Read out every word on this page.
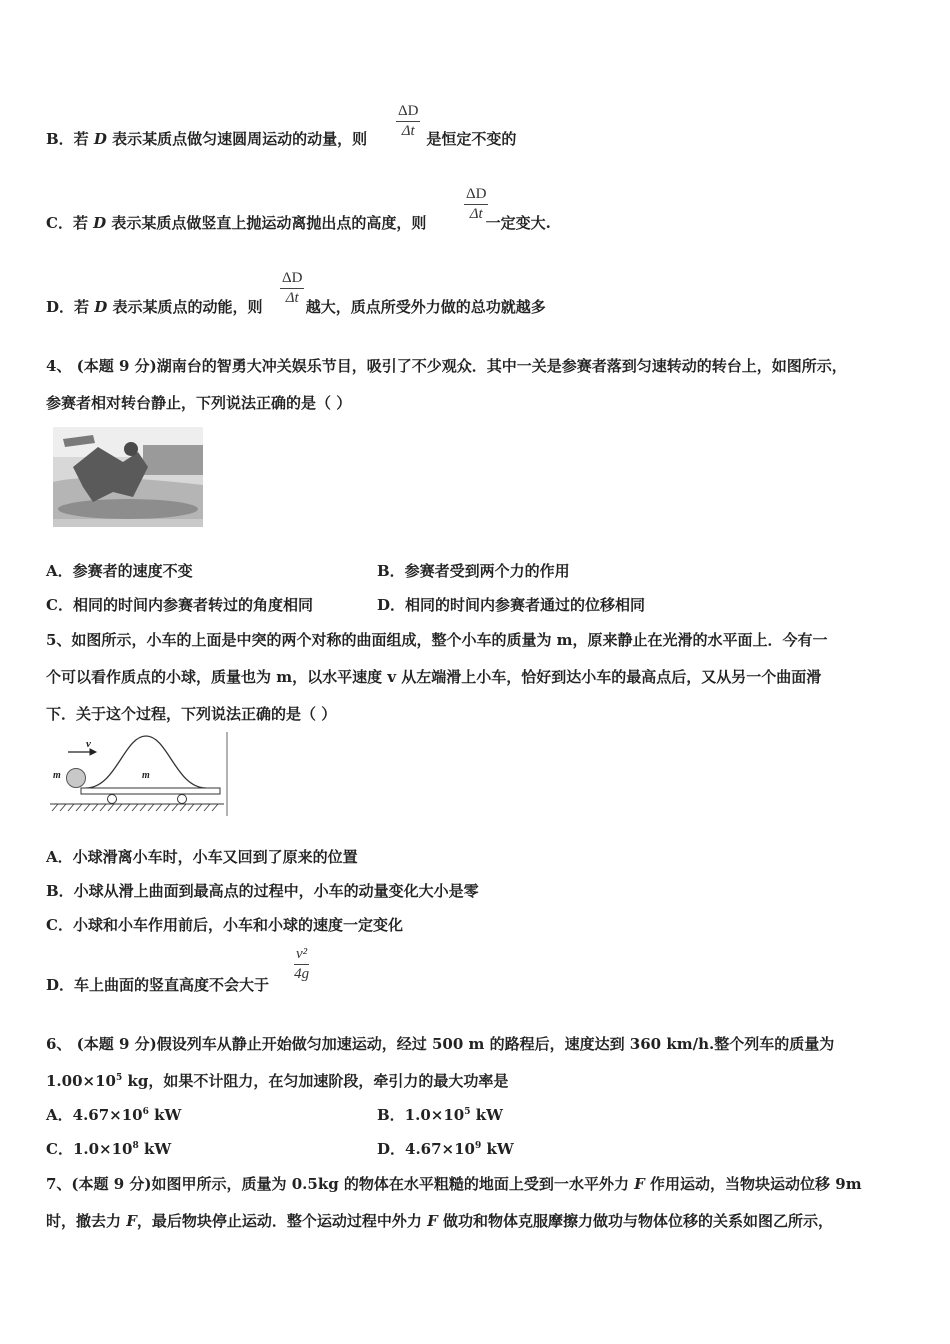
B．若 D 表示某质点做匀速圆周运动的动量，则	是恒定不变的
ΔD
Δt
C．若 D 表示某质点做竖直上抛运动离抛出点的高度，则	一定变大.
ΔD
Δt
D．若 D 表示某质点的动能，则	越大，质点所受外力做的总功就越多
ΔD
Δt
4、 (本题 9 分)湖南台的智勇大冲关娱乐节目，吸引了不少观众．其中一关是参赛者落到匀速转动的转台上，如图所示，
参赛者相对转台静止，下列说法正确的是（ ）
A．参赛者的速度不变	B．参赛者受到两个力的作用
C．相同的时间内参赛者转过的角度相同	D．相同的时间内参赛者通过的位移相同
5、如图所示，小车的上面是中突的两个对称的曲面组成，整个小车的质量为 m，原来静止在光滑的水平面上．今有一
个可以看作质点的小球，质量也为 m，以水平速度 v 从左端滑上小车，恰好到达小车的最高点后，又从另一个曲面滑
下．关于这个过程，下列说法正确的是（ ）
v
m	m
A．小球滑离小车时，小车又回到了原来的位置
B．小球从滑上曲面到最高点的过程中，小车的动量变化大小是零
C．小球和小车作用前后，小车和小球的速度一定变化
D．车上曲面的竖直高度不会大于
v²
4g
6、 (本题 9 分)假设列车从静止开始做匀加速运动，经过 500 m 的路程后，速度达到 360 km/h.整个列车的质量为
$1.00\times 10^5$ kg，如果不计阻力，在匀加速阶段，牵引力的最大功率是
A．$4.67\times 10^6$ kW	B．$1.0\times 10^5$ kW
C．$1.0\times 10^8$ kW	D．$4.67\times 10^9$ kW
7、(本题 9 分)如图甲所示，质量为 0.5kg 的物体在水平粗糙的地面上受到一水平外力 F 作用运动，当物块运动位移 9m
时，撤去力 F，最后物块停止运动．整个运动过程中外力 F 做功和物体克服摩擦力做功与物体位移的关系如图乙所示，
